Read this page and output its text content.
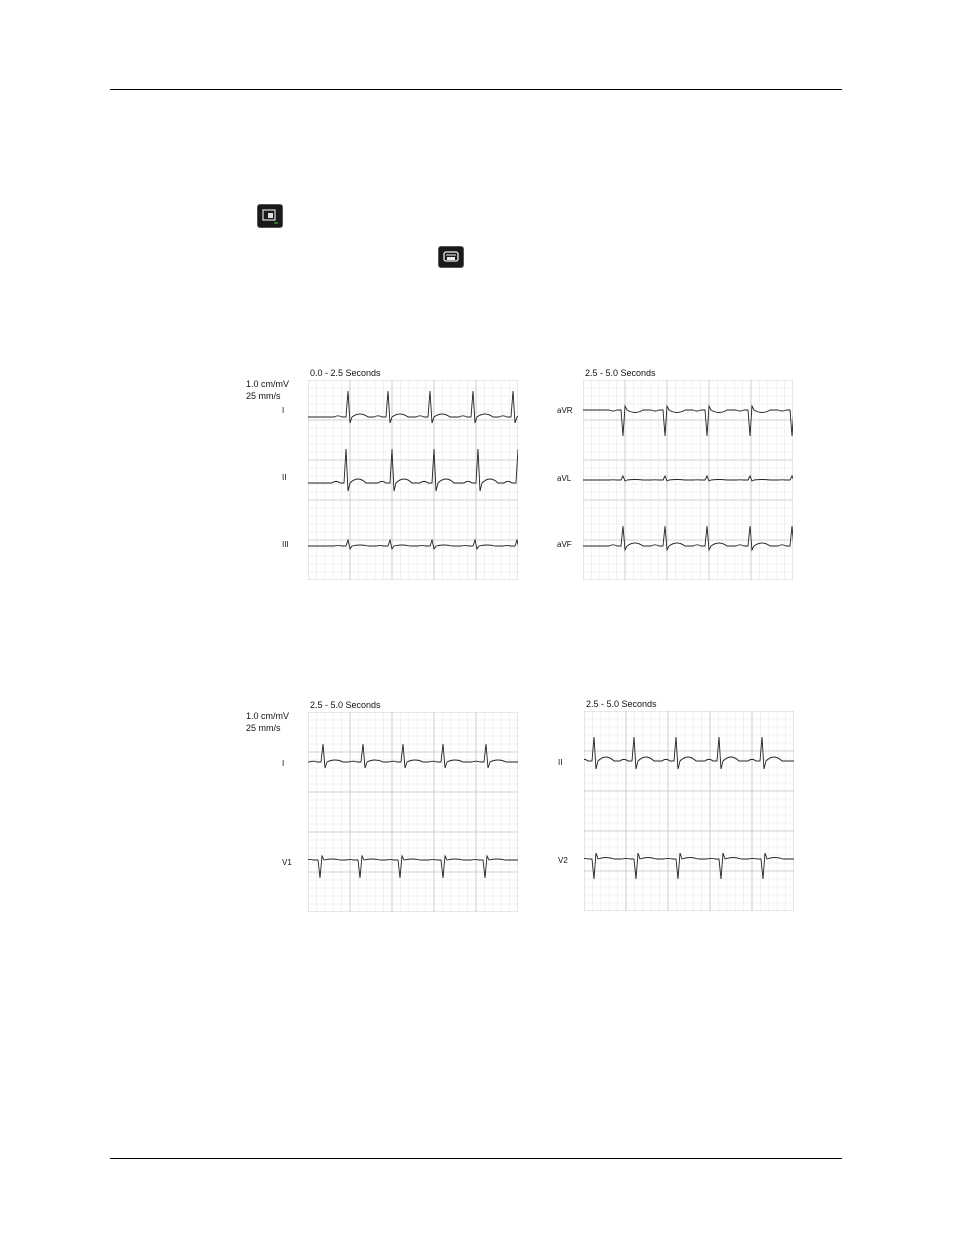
0.0 - 2.5 Seconds
1.0 cm/mV
25 mm/s
I
II
III
2.5 - 5.0 Seconds
aVR
aVL
aVF
2.5 - 5.0 Seconds
1.0 cm/mV
25 mm/s
I
V1
2.5 - 5.0 Seconds
II
V2
